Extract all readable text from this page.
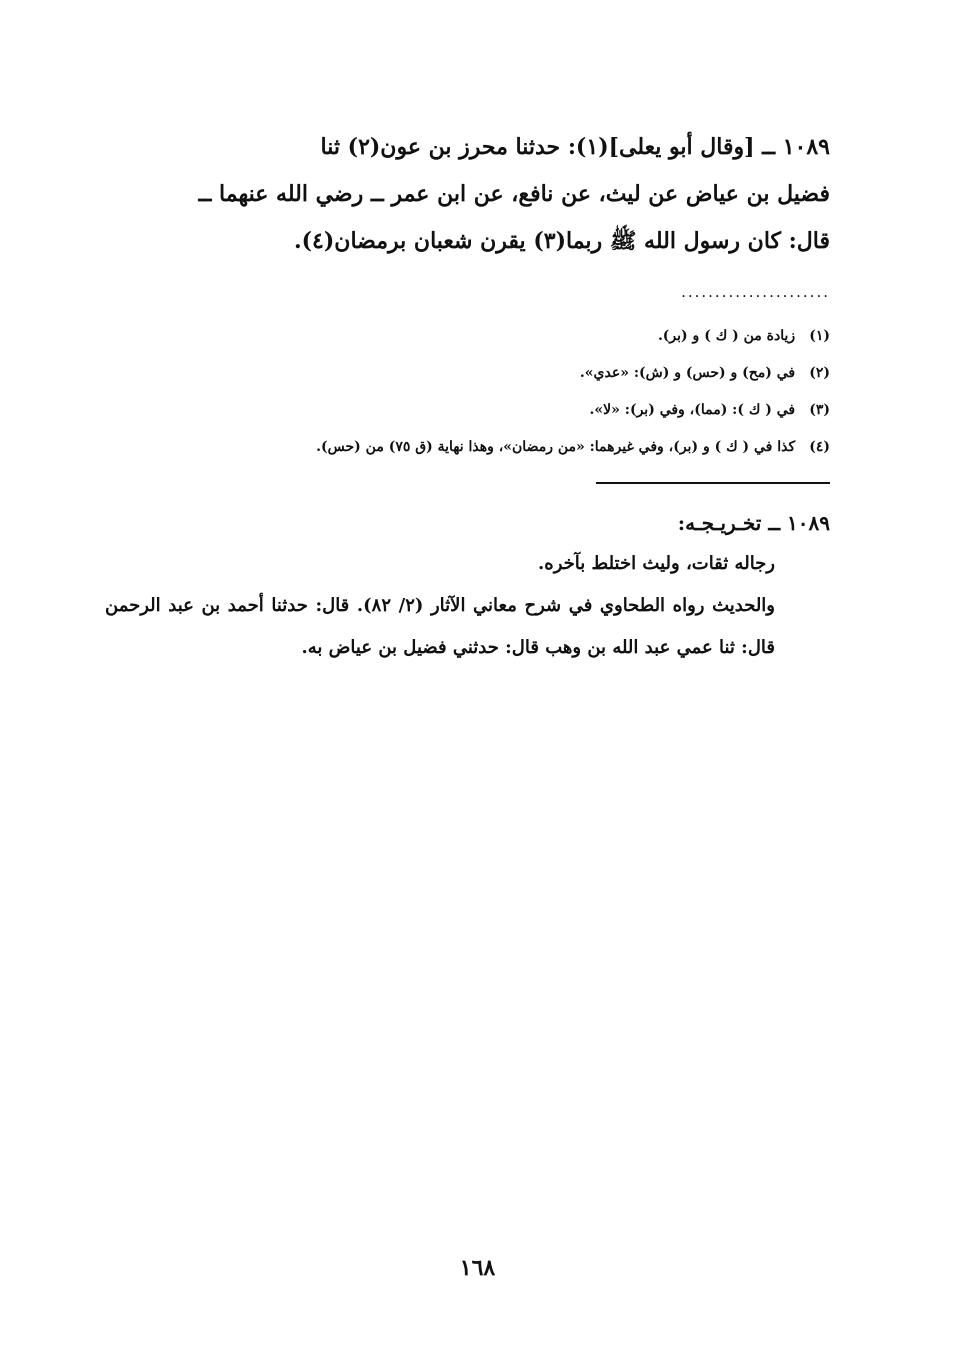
١٠٨٩ ــ [وقال أبو يعلى](١): حدثنا محرز بن عون(٢) ثنا

فضيل بن عياض عن ليث، عن نافع، عن ابن عمر ــ رضي الله عنهما ــ

قال: كان رسول الله ﷺ ربما(٣) يقرن شعبان برمضان(٤).

......................

(١) زيادة من ( ك ) و (بر).

(٢) في (مح) و (حس) و (ش): «عدي».

(٣) في ( ك ): (مما)، وفي (بر): «لا».

(٤) كذا في ( ك ) و (بر)، وفي غيرهما: «من رمضان»، وهذا نهاية (ق ٧٥) من (حس).

١٠٨٩ ــ تخـريـجـه:

رجاله ثقات، وليث اختلط بآخره.

والحديث رواه الطحاوي في شرح معاني الآثار (٢/ ٨٢). قال: حدثنا أحمد بن عبد الرحمن قال: ثنا عمي عبد الله بن وهب قال: حدثني فضيل بن عياض به.

١٦٨
